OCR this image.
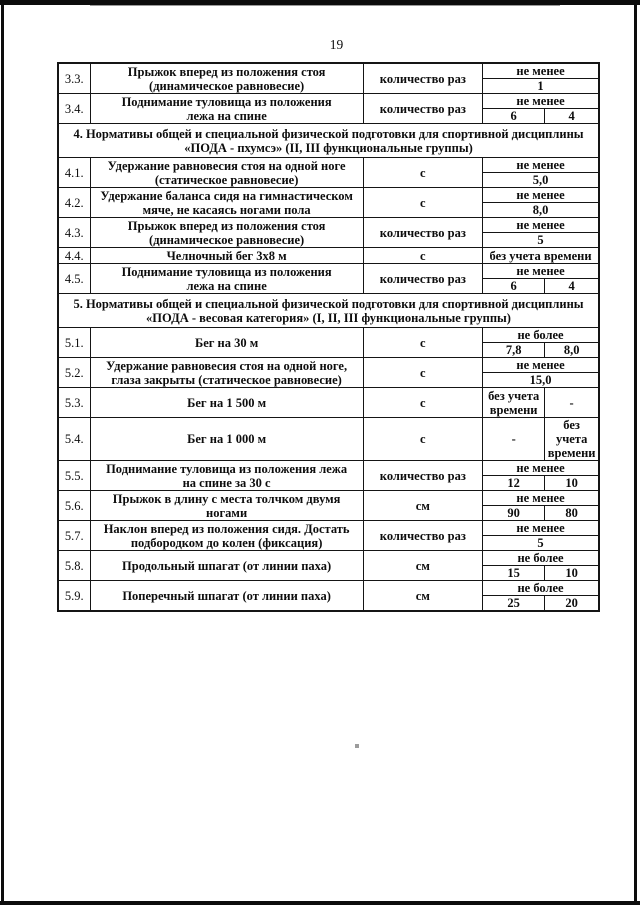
19
3.3.	Прыжок вперед из положения стоя
(динамическое равновесие)	количество раз	не менее	
			1	
3.4.	Поднимание туловища из положения
лежа на спине	количество раз	не менее	
			6	4

4. Нормативы общей и специальной физической подготовки для спортивной дисциплины
«ПОДА - пхумсэ» (II, III функциональные группы)				

4.1.	Удержание равновесия стоя на одной ноге
(статическое равновесие)	с	не менее	
			5,0	
4.2.	Удержание баланса сидя на гимнастическом
мяче, не касаясь ногами пола	с	не менее	
			8,0	
4.3.	Прыжок вперед из положения стоя
(динамическое равновесие)	количество раз	не менее	
			5	
4.4.	Челночный бег 3х8 м	с	без учета времени	
4.5.	Поднимание туловища из положения
лежа на спине	количество раз	не менее	
			6	4

5. Нормативы общей и специальной физической подготовки для спортивной дисциплины
«ПОДА - весовая категория» (I, II, III функциональные группы)				

5.1.	Бег на 30 м	с	не более	
			7,8	8,0
5.2.	Удержание равновесия стоя на одной ноге,
глаза закрыты (статическое равновесие)	с	не менее	
			15,0	
5.3.	Бег на 1 500 м	с	без учета времени	-
5.4.	Бег на 1 000 м	с	-	без учета времени
5.5.	Поднимание туловища из положения лежа
на спине за 30 с	количество раз	не менее	
			12	10
5.6.	Прыжок в длину с места толчком двумя ногами	см	не менее	
			90	80
5.7.	Наклон вперед из положения сидя. Достать
подбородком до колен (фиксация)	количество раз	не менее	
			5	
5.8.	Продольный шпагат (от линии паха)	см	не более	
			15	10
5.9.	Поперечный шпагат (от линии паха)	см	не более	
			25	20
